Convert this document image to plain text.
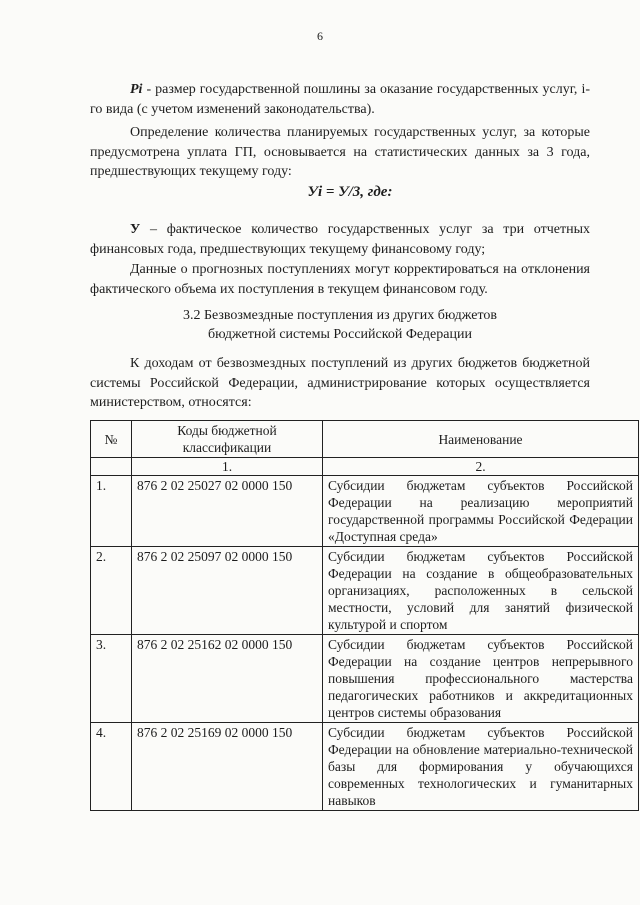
6

Pi - размер государственной пошлины за оказание государственных услуг, i-го вида (с учетом изменений законодательства).

Определение количества планируемых государственных услуг, за которые предусмотрена уплата ГП, основывается на статистических данных за 3 года, предшествующих текущему году:

Уi = У/3, где:

У – фактическое количество государственных услуг за три отчетных финансовых года, предшествующих текущему финансовому году;

Данные о прогнозных поступлениях могут корректироваться на отклонения фактического объема их поступления в текущем финансовом году.

3.2 Безвозмездные поступления из других бюджетов
бюджетной системы Российской Федерации

К доходам от безвозмездных поступлений из других бюджетов бюджетной системы Российской Федерации, администрирование которых осуществляется министерством, относятся:

№	Коды бюджетной классификации	Наименование
	1.	2.
1.	876 2 02 25027 02 0000 150	Субсидии бюджетам субъектов Российской Федерации на реализацию мероприятий государственной программы Российской Федерации «Доступная среда»
2.	876 2 02 25097 02 0000 150	Субсидии бюджетам субъектов Российской Федерации на создание в общеобразовательных организациях, расположенных в сельской местности, условий для занятий физической культурой и спортом
3.	876 2 02 25162 02 0000 150	Субсидии бюджетам субъектов Российской Федерации на создание центров непрерывного повышения профессионального мастерства педагогических работников и аккредитационных центров системы образования
4.	876 2 02 25169 02 0000 150	Субсидии бюджетам субъектов Российской Федерации на обновление материально-технической базы для формирования у обучающихся современных технологических и гуманитарных навыков
